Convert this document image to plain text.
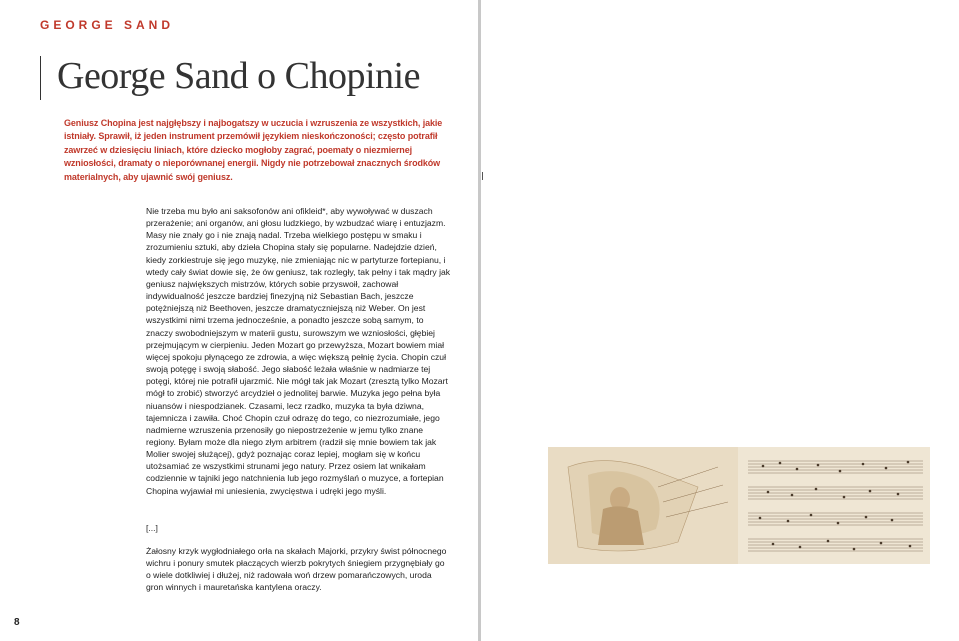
GEORGE SAND
George Sand o Chopinie
Geniusz Chopina jest najgłębszy i najbogatszy w uczucia i wzruszenia ze wszystkich, jakie istniały. Sprawił, iż jeden instrument przemówił językiem nieskończoności; często potrafił zawrzeć w dziesięciu liniach, które dziecko mogłoby zagrać, poematy o niezmiernej wzniosłości, dramaty o nieporównanej energii. Nigdy nie potrzebował znacznych środków materialnych, aby ujawnić swój geniusz.

Nie trzeba mu było ani saksofonów ani ofikleid*, aby wywoływać w duszach przerażenie; ani organów, ani głosu ludzkiego, by wzbudzać wiarę i entuzjazm. Masy nie znały go i nie znają nadal. Trzeba wielkiego postępu w smaku i zrozumieniu sztuki, aby dzieła Chopina stały się popularne. Nadejdzie dzień, kiedy zorkiestruje się jego muzykę, nie zmieniając nic w partyturze fortepianu, i wtedy cały świat dowie się, że ów geniusz, tak rozległy, tak pełny i tak mądry jak geniusz największych mistrzów, których sobie przyswoił, zachował indywidualność jeszcze bardziej finezyjną niż Sebastian Bach, jeszcze potężniejszą niż Beethoven, jeszcze dramatyczniejszą niż Weber. On jest wszystkimi nimi trzema jednocześnie, a ponadto jeszcze sobą samym, to znaczy swobodniejszym w materii gustu, surowszym we wzniosłości, głębiej przejmującym w cierpieniu. Jeden Mozart go przewyższa, Mozart bowiem miał więcej spokoju płynącego ze zdrowia, a więc większą pełnię życia. Chopin czuł swoją potęgę i swoją słabość. Jego słabość leżała właśnie w nadmiarze tej potęgi, której nie potrafił ujarzmić. Nie mógł tak jak Mozart (zresztą tylko Mozart mógł to zrobić) stworzyć arcydzieł o jednolitej barwie. Muzyka jego pełna była niuansów i niespodzianek. Czasami, lecz rzadko, muzyka ta była dziwna, tajemnicza i zawiła. Choć Chopin czuł odrazę do tego, co niezrozumiałe, jego nadmierne wzruszenia przenosiły go niepostrzeżenie w jemu tylko znane regiony. Byłam może dla niego złym arbitrem (radził się mnie bowiem tak jak Molier swojej służącej), gdyż poznając coraz lepiej, mogłam się w końcu utożsamiać ze wszystkimi strunami jego natury. Przez osiem lat wnikałam codziennie w tajniki jego natchnienia lub jego rozmyślań o muzyce, a fortepian Chopina wyjawiał mi uniesienia, zwycięstwa i udręki jego myśli.

[...]

Żałosny krzyk wygłodniałego orła na skałach Majorki, przykry świst północnego wichru i ponury smutek płaczących wierzb pokrytych śniegiem przygnębiały go o wiele dotkliwiej i dłużej, niż radowała woń drzew pomarańczowych, uroda gron winnych i mauretańska kantylena oraczy.

8
